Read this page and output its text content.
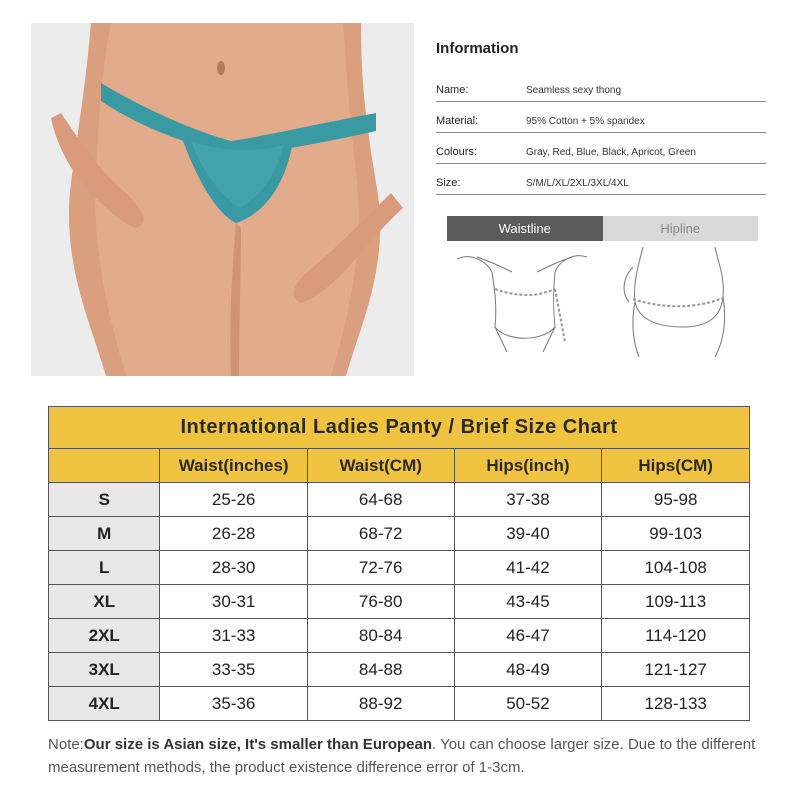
Information
Name:	Seamless sexy thong
Material:	95% Cotton + 5% spandex
Colours:	Gray, Red, Blue, Black, Apricot, Green
Size:	S/M/L/XL/2XL/3XL/4XL
Waistline	Hipline
International Ladies Panty / Brief Size Chart				
	Waist(inches)	Waist(CM)	Hips(inch)	Hips(CM)
S	25-26	64-68	37-38	95-98
M	26-28	68-72	39-40	99-103
L	28-30	72-76	41-42	104-108
XL	30-31	76-80	43-45	109-113
2XL	31-33	80-84	46-47	114-120
3XL	33-35	84-88	48-49	121-127
4XL	35-36	88-92	50-52	128-133
Note:Our size is Asian size, It's smaller than European. You can choose larger size. Due to the different measurement methods, the product existence difference error of 1-3cm.
